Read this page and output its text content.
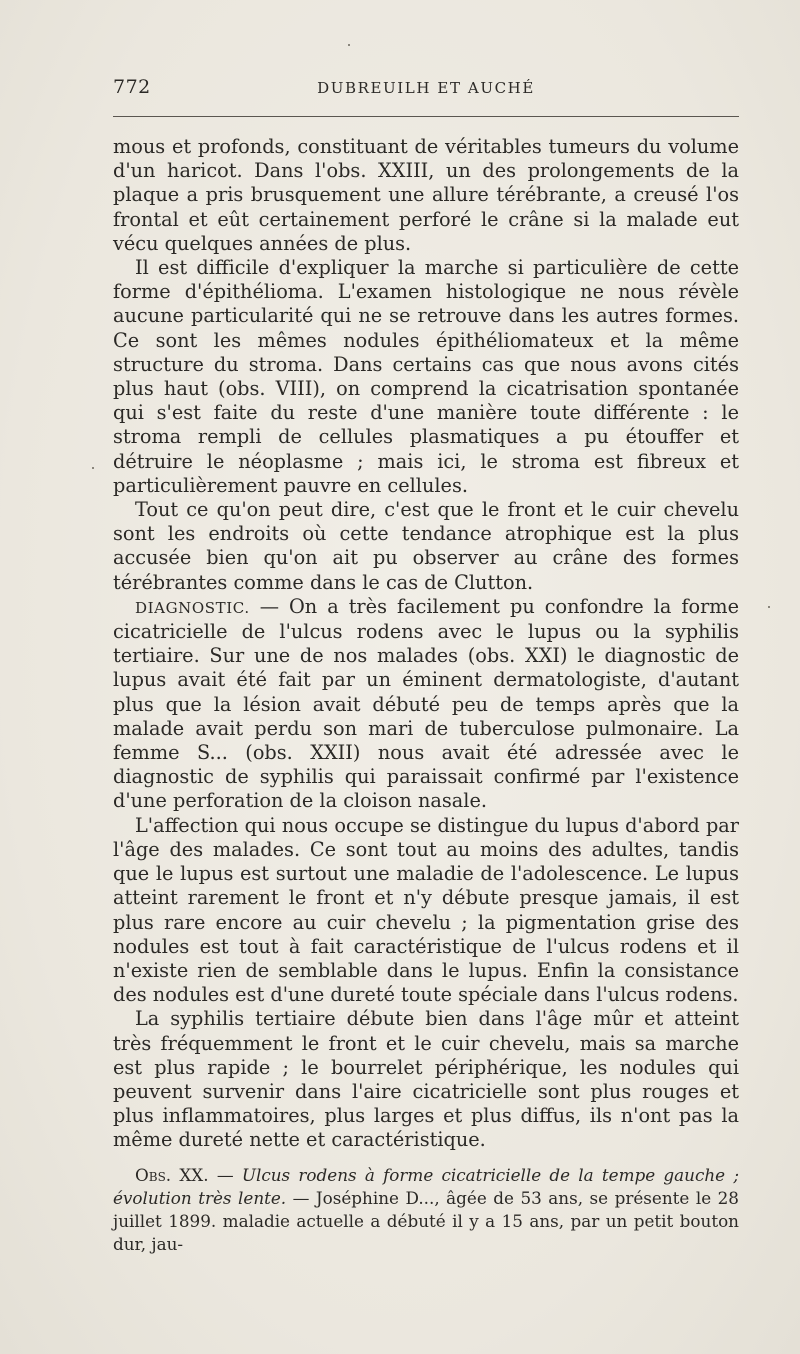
772	DUBREUILH ET AUCHÉ

mous et profonds, constituant de véritables tumeurs du volume d'un haricot. Dans l'obs. XXIII, un des prolongements de la plaque a pris brusquement une allure térébrante, a creusé l'os frontal et eût certainement perforé le crâne si la malade eut vécu quelques années de plus.

Il est difficile d'expliquer la marche si particulière de cette forme d'épithélioma. L'examen histologique ne nous révèle aucune particularité qui ne se retrouve dans les autres formes. Ce sont les mêmes nodules épithéliomateux et la même structure du stroma. Dans certains cas que nous avons cités plus haut (obs. VIII), on comprend la cicatrisation spontanée qui s'est faite du reste d'une manière toute différente : le stroma rempli de cellules plasmatiques a pu étouffer et détruire le néoplasme ; mais ici, le stroma est fibreux et particulièrement pauvre en cellules.

Tout ce qu'on peut dire, c'est que le front et le cuir chevelu sont les endroits où cette tendance atrophique est la plus accusée bien qu'on ait pu observer au crâne des formes térébrantes comme dans le cas de Clutton.

DIAGNOSTIC. — On a très facilement pu confondre la forme cicatricielle de l'ulcus rodens avec le lupus ou la syphilis tertiaire. Sur une de nos malades (obs. XXI) le diagnostic de lupus avait été fait par un éminent dermatologiste, d'autant plus que la lésion avait débuté peu de temps après que la malade avait perdu son mari de tuberculose pulmonaire. La femme S... (obs. XXII) nous avait été adressée avec le diagnostic de syphilis qui paraissait confirmé par l'existence d'une perforation de la cloison nasale.

L'affection qui nous occupe se distingue du lupus d'abord par l'âge des malades. Ce sont tout au moins des adultes, tandis que le lupus est surtout une maladie de l'adolescence. Le lupus atteint rarement le front et n'y débute presque jamais, il est plus rare encore au cuir chevelu ; la pigmentation grise des nodules est tout à fait caractéristique de l'ulcus rodens et il n'existe rien de semblable dans le lupus. Enfin la consistance des nodules est d'une dureté toute spéciale dans l'ulcus rodens.

La syphilis tertiaire débute bien dans l'âge mûr et atteint très fréquemment le front et le cuir chevelu, mais sa marche est plus rapide ; le bourrelet périphérique, les nodules qui peuvent survenir dans l'aire cicatricielle sont plus rouges et plus inflammatoires, plus larges et plus diffus, ils n'ont pas la même dureté nette et caractéristique.

Obs. XX. — Ulcus rodens à forme cicatricielle de la tempe gauche ; évolution très lente. — Joséphine D..., âgée de 53 ans, se présente le 28 juillet 1899. maladie actuelle a débuté il y a 15 ans, par un petit bouton dur, jau-
